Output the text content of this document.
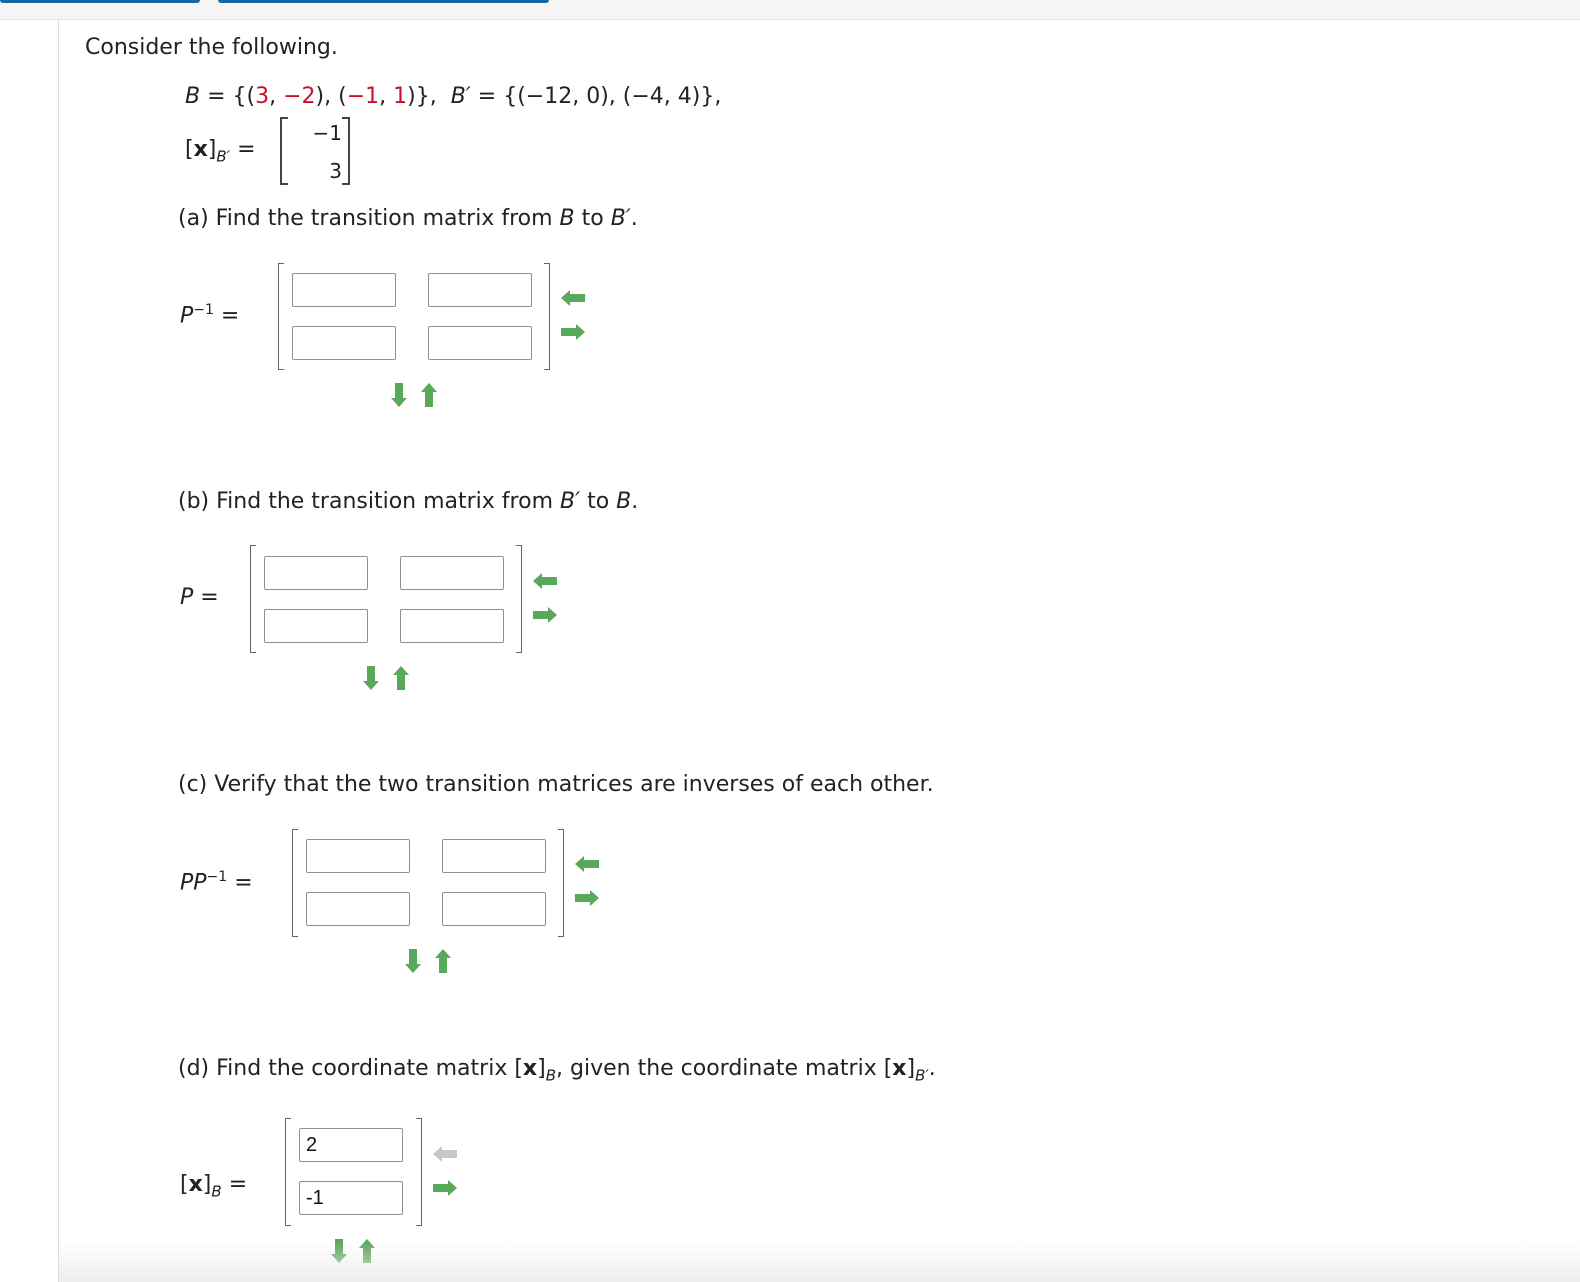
Consider the following.
B = {(3, −2), (−1, 1)}, B′ = {(−12, 0), (−4, 4)},
$[x]_{B'}$ =
−1
3
(a) Find the transition matrix from B to B′.
$P^{-1}$ =
(b) Find the transition matrix from B′ to B.
P =
(c) Verify that the two transition matrices are inverses of each other.
$PP^{-1}$ =
(d) Find the coordinate matrix $[x]_B$, given the coordinate matrix $[x]_{B'}$.
$[x]_B$ =
2
-1
